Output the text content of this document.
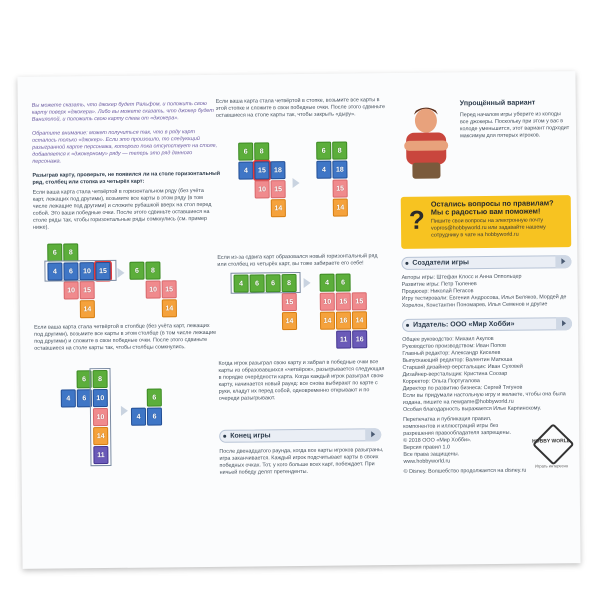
Вы можете сказать, что джокер будет Ральфом, и положить свою карту поверх «джокера». Либо вы можете сказать, что джокер будет Ванилопой, и положить свою карту слева от «джокера».
Обратите внимание: может получиться так, что в ряду карт осталось только «джокер». Если это произошло, то следующий разыгранной карте персонажа, которого пока отсутствует на столе, добавляется к «джокерному» ряду — теперь это ряд данного персонажа.
Разыграв карту, проверьте, не появился ли на столе горизонтальный ряд, столбец или стопка из четырёх карт:
Если ваша карта стала четвёртой в горизонтальном ряду (без учёта карт, лежащих под другими), возьмите все карты в этом ряду (в том числе лежащие под другими) и сложите рубашкой вверх на стол перед собой. Это ваши победные очки. После этого сдвиньте оставшиеся на столе ряды так, чтобы горизонтальные ряды сомкнулись (см. пример ниже).
6 8
4 6 10 15
10 15
14
6 8
10 15
14
Если ваша карта стала четвёртой в столбце (без учёта карт, лежащих под другими), возьмите все карты в этом столбце (в том числе лежащие под другими) и сложите в свои победные очки. После этого сдвиньте оставшиеся на столе карты так, чтобы столбцы сомкнулись.
6 8
4 6 10
10
14
11
6
4 6
Если ваша карта стала четвёртой в стопке, возьмите все карты в этой стопке и сложите в свои победные очки. После этого сдвиньте оставшиеся на столе карты так, чтобы закрыть «дыру».
6 8
4 15 18
10 15
14
6 8
4 18
15
14
Если из-за сдвига карт образовался новый горизонтальный ряд или столбец из четырёх карт, вы тоже забираете его себе!
4 6 6 8
15
14
4 6
10 15 15
14 16
11 16
14
Когда игрок разыграл свою карту и забрал в победные очки все карты из образовавшихся «четвёрок», разыгрывается следующая в порядке очерёдности карта. Когда каждый игрок разыграл свою карту, начинается новый раунд: все снова выбирают по карте с руки, кладут их перед собой, одновременно открывают и по очереди разыгрывают.
Конец игры
После двенадцатого раунда, когда все карты игроков разыграны, игра заканчивается. Каждый игрок подсчитывает карты в своих победных очках. Тот, у кого больше всех карт, побеждает. При ничьей победу делят претенденты.
Упрощённый вариант
Перед началом игры уберите из колоды все джокеры. Поскольку при этом у вас в колоде уменьшится, этот вариант подходит максимум для пятерых игроков.
?
Остались вопросы по правилам?
Мы с радостью вам поможем!
Пишите свои вопросы на электронную почту vopros@hobbyworld.ru или задавайте нашему сотруднику в чате на hobbyworld.ru
Создатели игры
Авторы игры: Штефан Клосс и Анна Оппольцер
Развитие игры: Петр Тюленев
Продюсер: Николай Пегасов
Игру тестировали: Евгения Андросова, Илья Беляков, Мордей де Хорелон, Константин Пономарев, Илья Семенов и другие
Издатель: ООО «Мир Хобби»
Общее руководство: Михаил Акулов
Руководство производством: Иван Попов
Главный редактор: Александр Киселев
Выпускающий редактор: Валентин Матюша
Старший дизайнер-верстальщик: Иван Суховей
Дизайнер-верстальщик: Кристина Соозар
Корректор: Ольга Португалова
Директор по развитию бизнеса: Сергей Тягунов
Если вы придумали настольную игру и желаете, чтобы она была издана, пишите на newgame@hobbyworld.ru
Особая благодарность выражается Илье Карпинскому.
Перепечатка и публикация правил, компонентов и иллюстраций игры без разрешения правообладателя запрещены.
© 2018 ООО «Мир Хобби».
Версия правил 1.0
Все права защищены.
www.hobbyworld.ru
HOBBY WORLD
Играть интересно
© Disney. Волшебство продолжается на disney.ru
